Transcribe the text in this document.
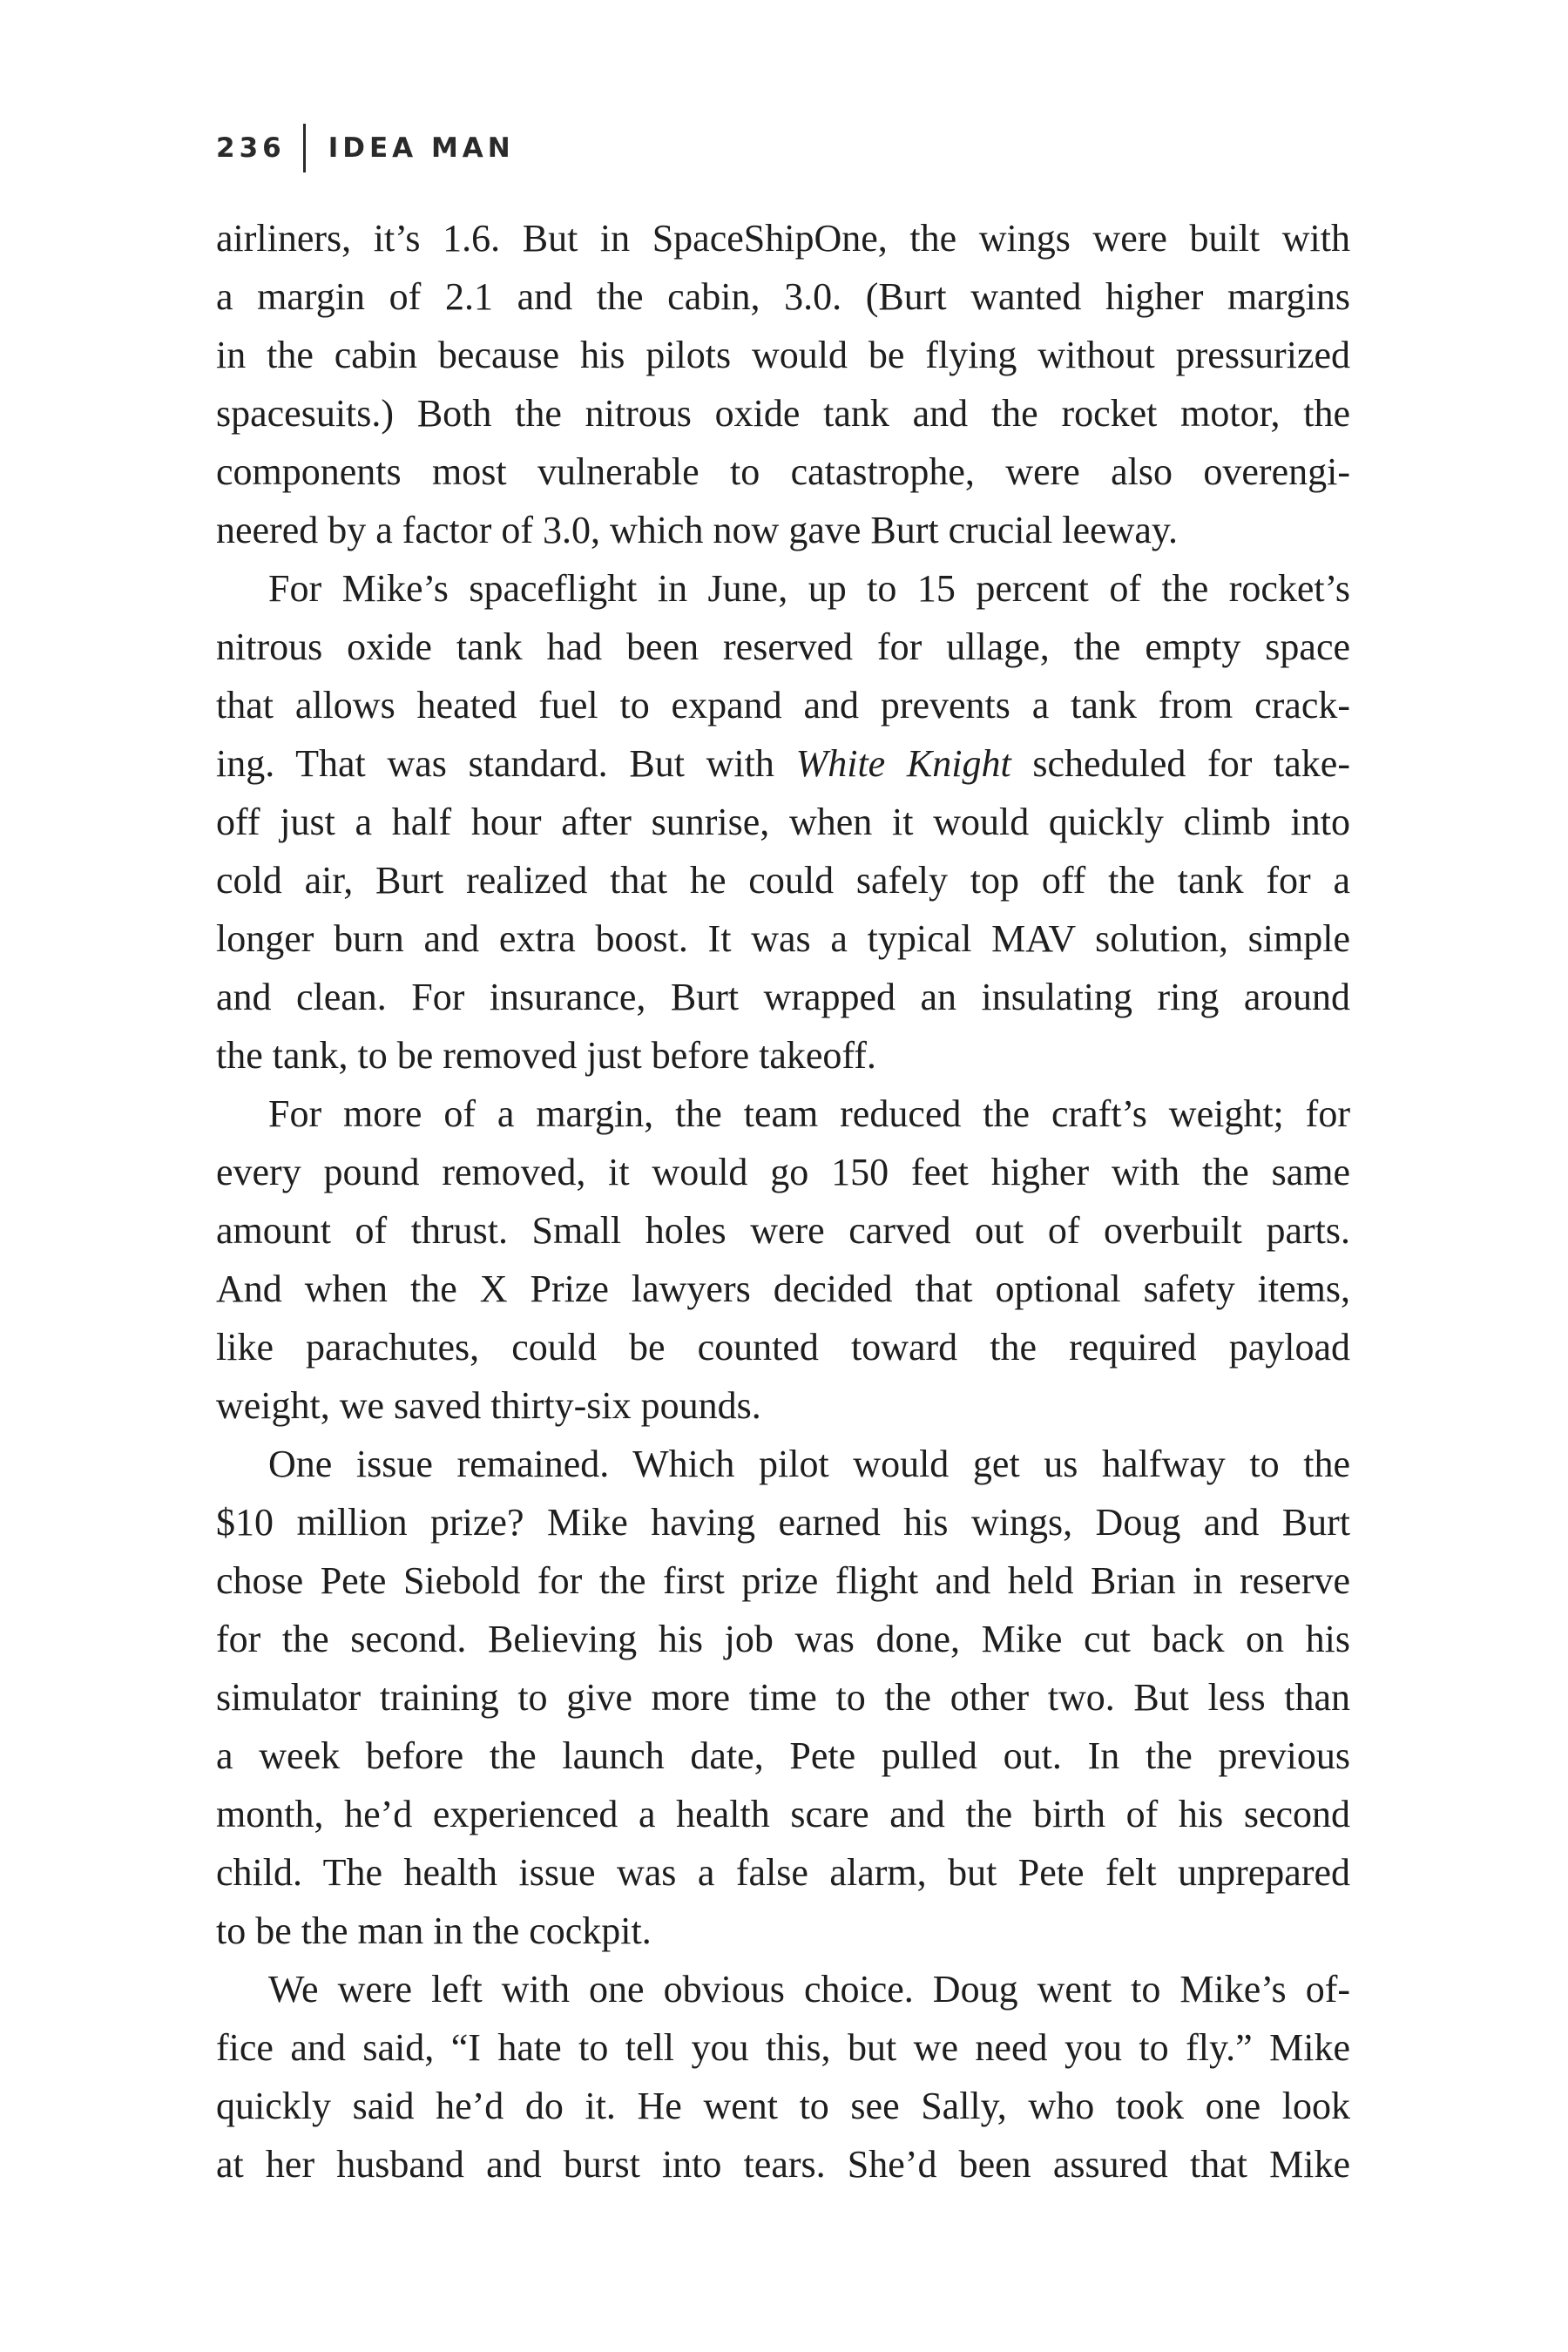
236 IDEA MAN
airliners, it’s 1.6. But in SpaceShipOne, the wings were built with
a margin of 2.1 and the cabin, 3.0. (Burt wanted higher margins
in the cabin because his pilots would be flying without pressurized
spacesuits.) Both the nitrous oxide tank and the rocket motor, the
components most vulnerable to catastrophe, were also overengi-
neered by a factor of 3.0, which now gave Burt crucial leeway.
For Mike’s spaceflight in June, up to 15 percent of the rocket’s
nitrous oxide tank had been reserved for ullage, the empty space
that allows heated fuel to expand and prevents a tank from crack-
ing. That was standard. But with White Knight scheduled for take-
off just a half hour after sunrise, when it would quickly climb into
cold air, Burt realized that he could safely top off the tank for a
longer burn and extra boost. It was a typical MAV solution, simple
and clean. For insurance, Burt wrapped an insulating ring around
the tank, to be removed just before takeoff.
For more of a margin, the team reduced the craft’s weight; for
every pound removed, it would go 150 feet higher with the same
amount of thrust. Small holes were carved out of overbuilt parts.
And when the X Prize lawyers decided that optional safety items,
like parachutes, could be counted toward the required payload
weight, we saved thirty-six pounds.
One issue remained. Which pilot would get us halfway to the
$10 million prize? Mike having earned his wings, Doug and Burt
chose Pete Siebold for the first prize flight and held Brian in reserve
for the second. Believing his job was done, Mike cut back on his
simulator training to give more time to the other two. But less than
a week before the launch date, Pete pulled out. In the previous
month, he’d experienced a health scare and the birth of his second
child. The health issue was a false alarm, but Pete felt unprepared
to be the man in the cockpit.
We were left with one obvious choice. Doug went to Mike’s of-
fice and said, “I hate to tell you this, but we need you to fly.” Mike
quickly said he’d do it. He went to see Sally, who took one look
at her husband and burst into tears. She’d been assured that Mike
